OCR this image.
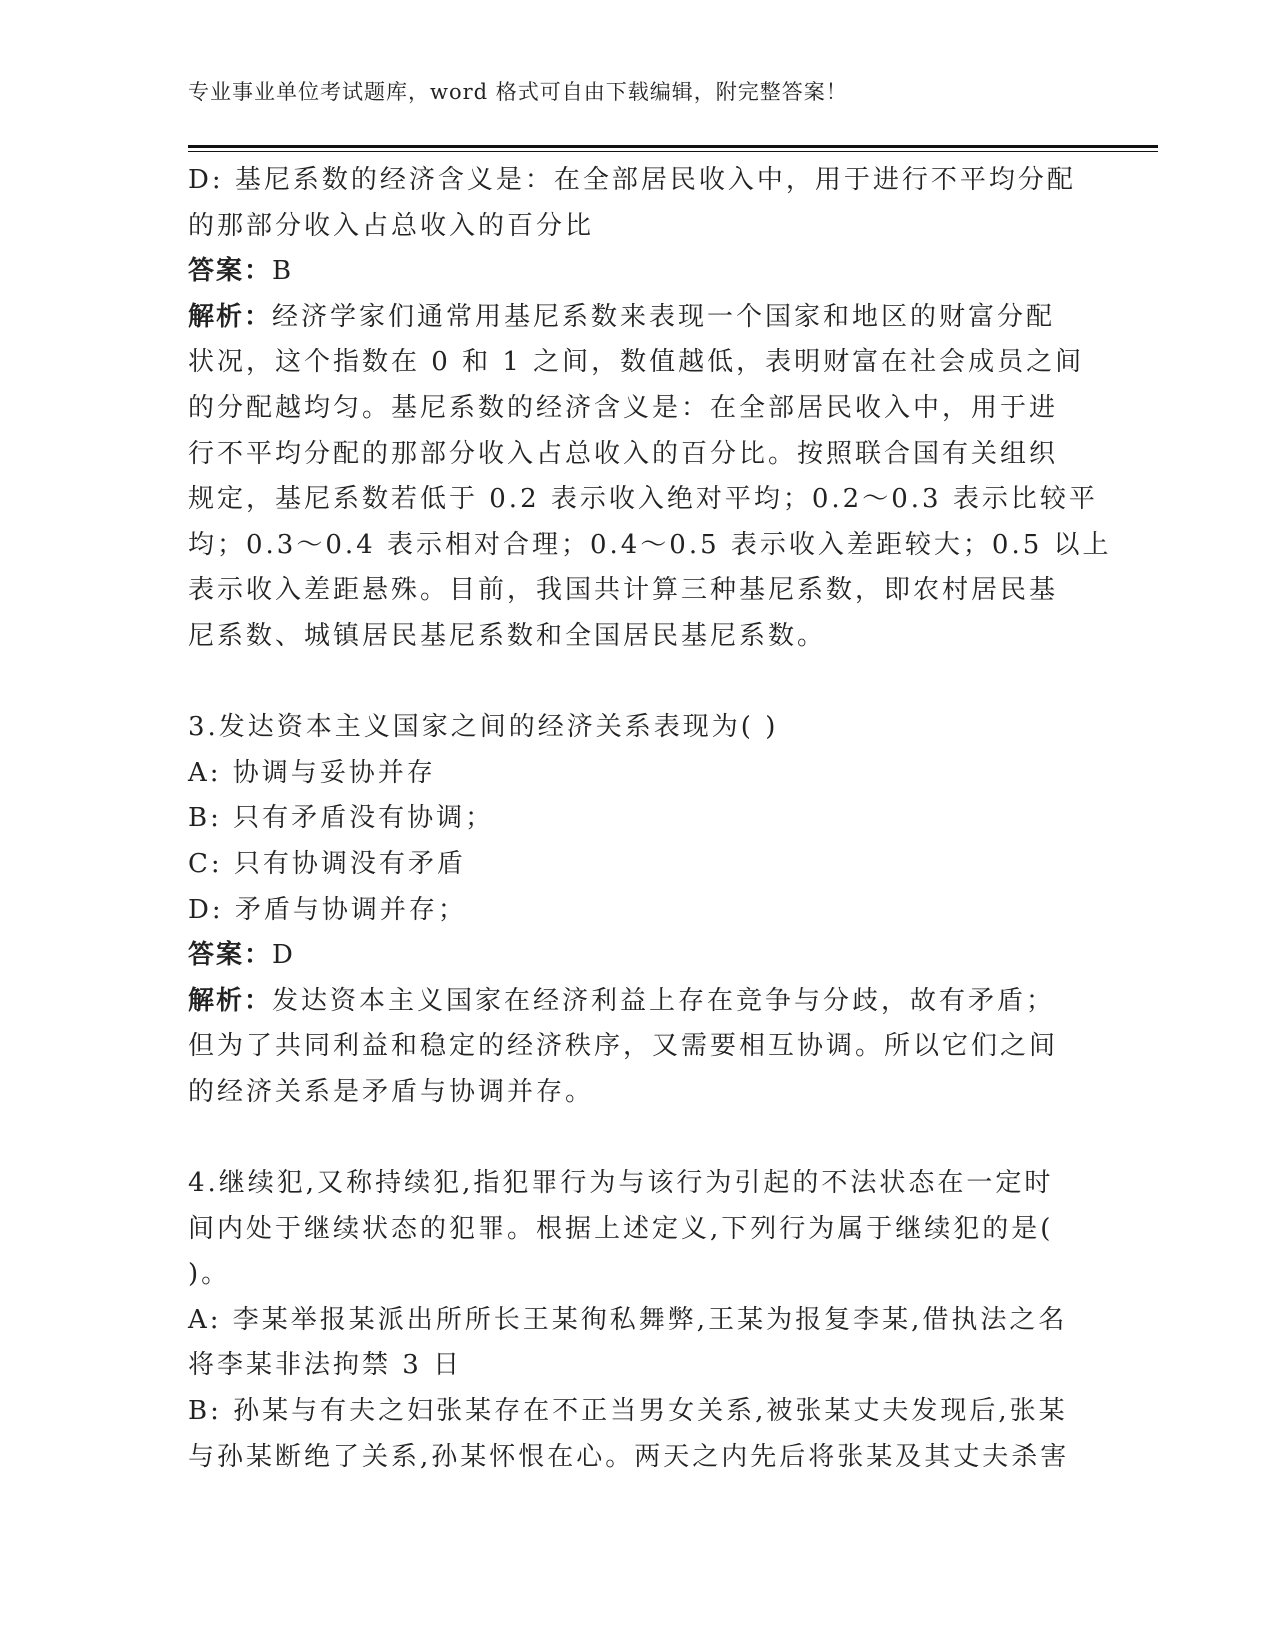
专业事业单位考试题库，word 格式可自由下载编辑，附完整答案！
D: 基尼系数的经济含义是：在全部居民收入中，用于进行不平均分配
的那部分收入占总收入的百分比
答案：B
解析：经济学家们通常用基尼系数来表现一个国家和地区的财富分配
状况，这个指数在 0 和 1 之间，数值越低，表明财富在社会成员之间
的分配越均匀。基尼系数的经济含义是：在全部居民收入中，用于进
行不平均分配的那部分收入占总收入的百分比。按照联合国有关组织
规定，基尼系数若低于 0.2 表示收入绝对平均；0.2～0.3 表示比较平
均；0.3～0.4 表示相对合理；0.4～0.5 表示收入差距较大；0.5 以上
表示收入差距悬殊。目前，我国共计算三种基尼系数，即农村居民基
尼系数、城镇居民基尼系数和全国居民基尼系数。
3.发达资本主义国家之间的经济关系表现为( )
A: 协调与妥协并存
B: 只有矛盾没有协调；
C: 只有协调没有矛盾
D: 矛盾与协调并存；
答案：D
解析：发达资本主义国家在经济利益上存在竞争与分歧，故有矛盾；
但为了共同利益和稳定的经济秩序，又需要相互协调。所以它们之间
的经济关系是矛盾与协调并存。
4.继续犯,又称持续犯,指犯罪行为与该行为引起的不法状态在一定时
间内处于继续状态的犯罪。根据上述定义,下列行为属于继续犯的是(
)。
A: 李某举报某派出所所长王某徇私舞弊,王某为报复李某,借执法之名
将李某非法拘禁 3 日
B: 孙某与有夫之妇张某存在不正当男女关系,被张某丈夫发现后,张某
与孙某断绝了关系,孙某怀恨在心。两天之内先后将张某及其丈夫杀害
